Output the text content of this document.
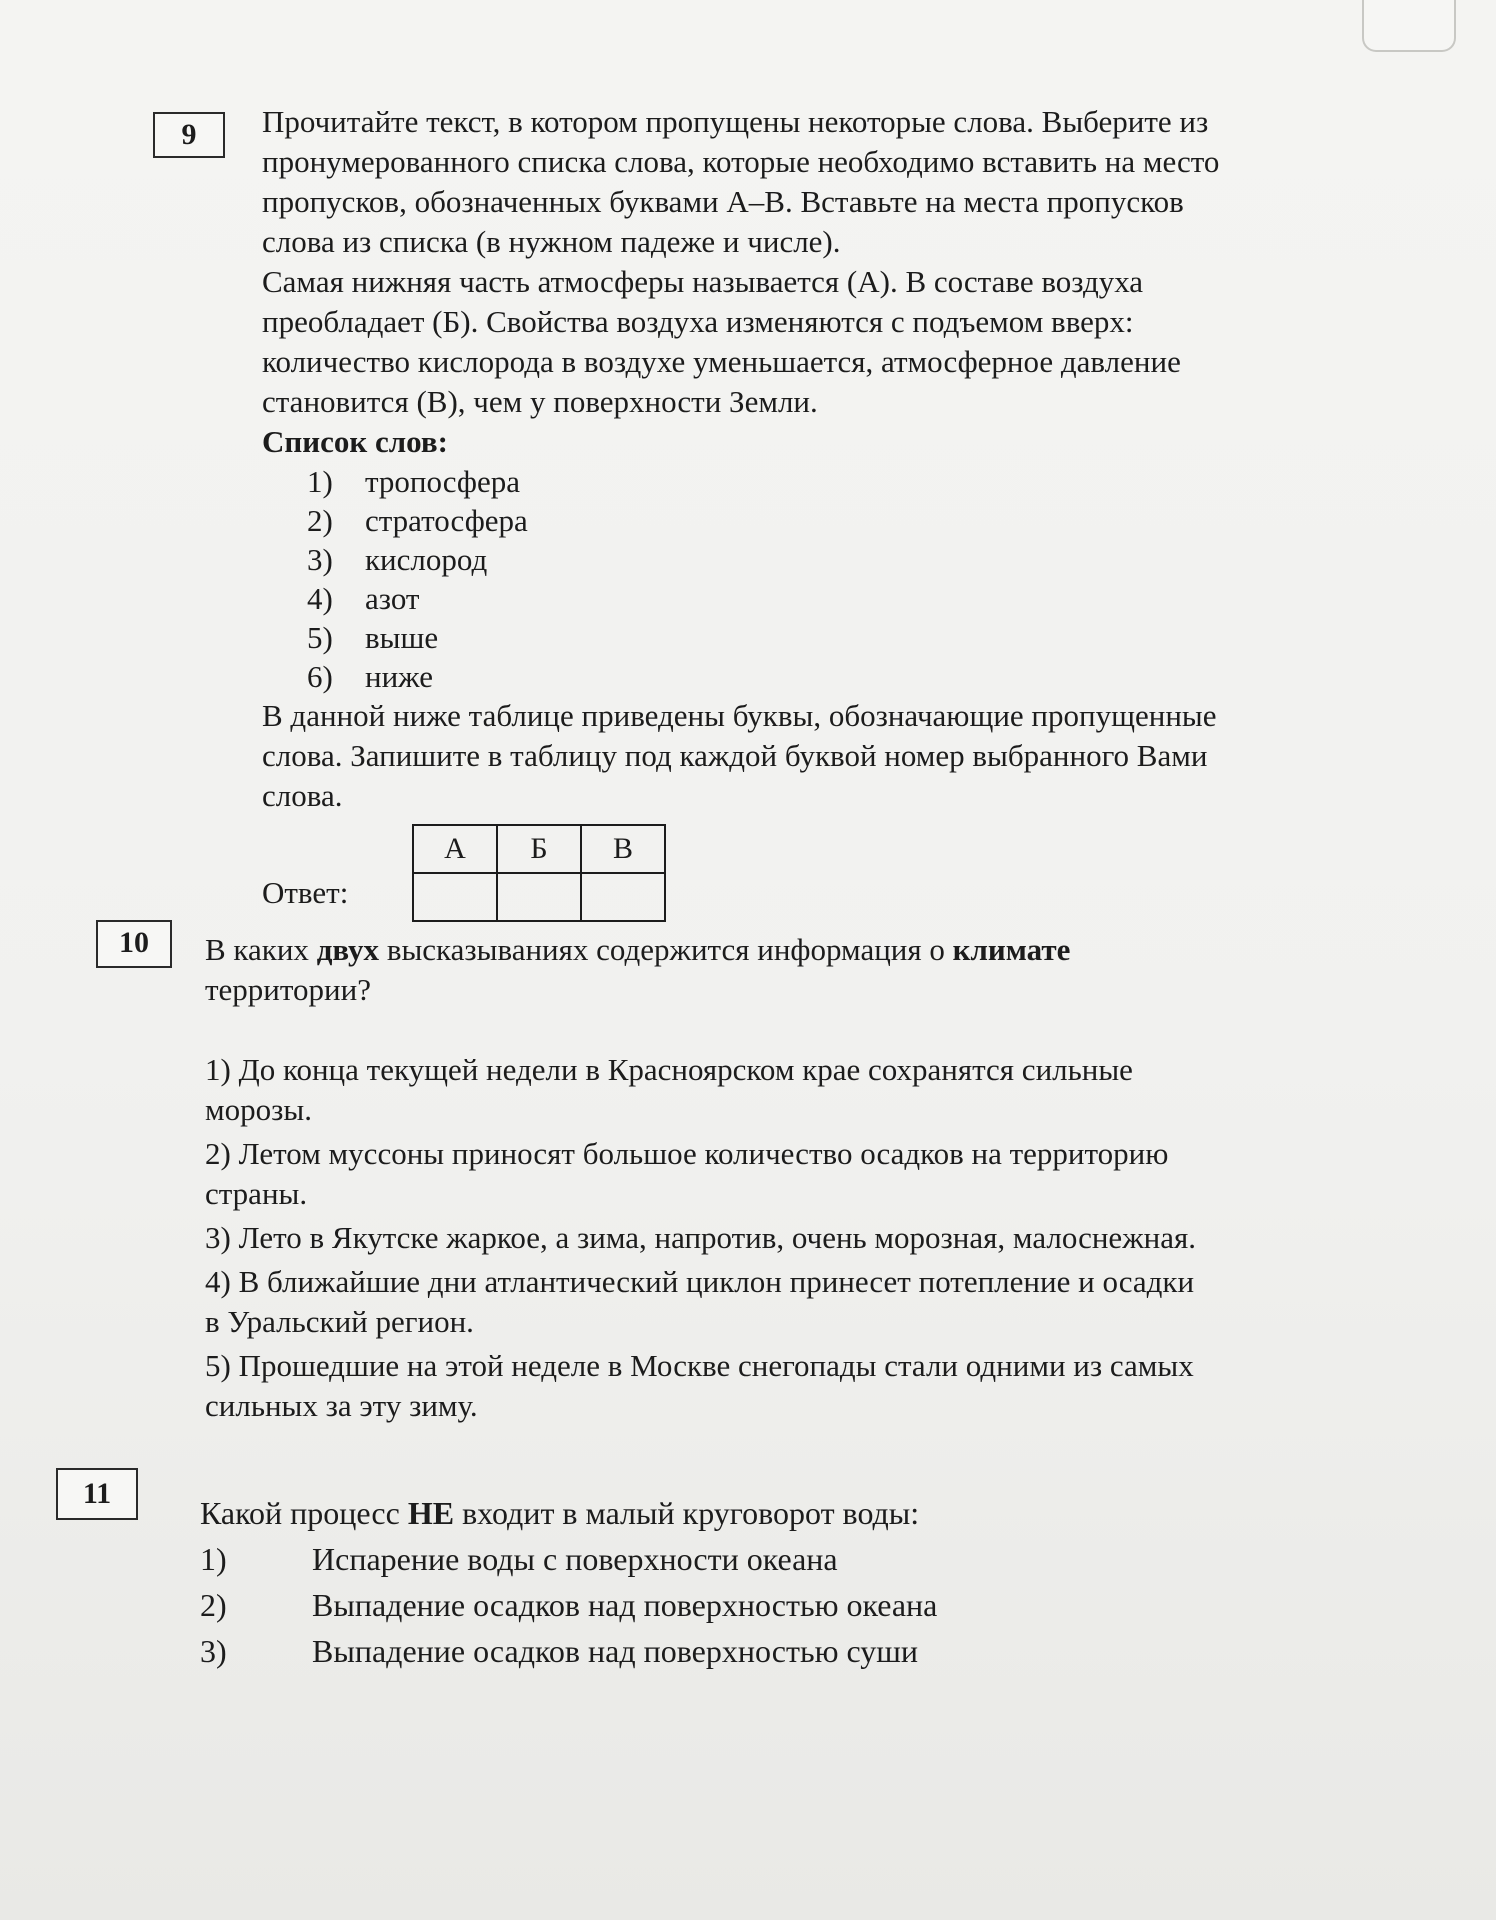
9	Прочитайте текст, в котором пропущены некоторые слова. Выберите из

пронумерованного списка слова, которые необходимо вставить на место

пропусков, обозначенных буквами А–В. Вставьте на места пропусков

слова из списка (в нужном падеже и числе).

Самая нижняя часть атмосферы называется (А). В составе воздуха

преобладает (Б). Свойства воздуха изменяются с подъемом вверх:

количество кислорода в воздухе уменьшается, атмосферное давление

становится (В), чем у поверхности Земли.

Список слов:

1) тропосфера
2) стратосфера
3) кислород
4) азот
5) выше
6) ниже

В данной ниже таблице приведены буквы, обозначающие пропущенные

слова. Запишите в таблицу под каждой буквой номер выбранного Вами

слова.

Ответ:
А	Б	В

10	В каких двух высказываниях содержится информация о климате

территории?

1) До конца текущей недели в Красноярском крае сохранятся сильные
морозы.
2) Летом муссоны приносят большое количество осадков на территорию
страны.
3) Лето в Якутске жаркое, а зима, напротив, очень морозная, малоснежная.
4) В ближайшие дни атлантический циклон принесет потепление и осадки
в Уральский регион.
5) Прошедшие на этой неделе в Москве снегопады стали одними из самых
сильных за эту зиму.
11

Какой процесс НЕ входит в малый круговорот воды:

1)	Испарение воды с поверхности океана
2)	Выпадение осадков над поверхностью океана
3)	Выпадение осадков над поверхностью суши
